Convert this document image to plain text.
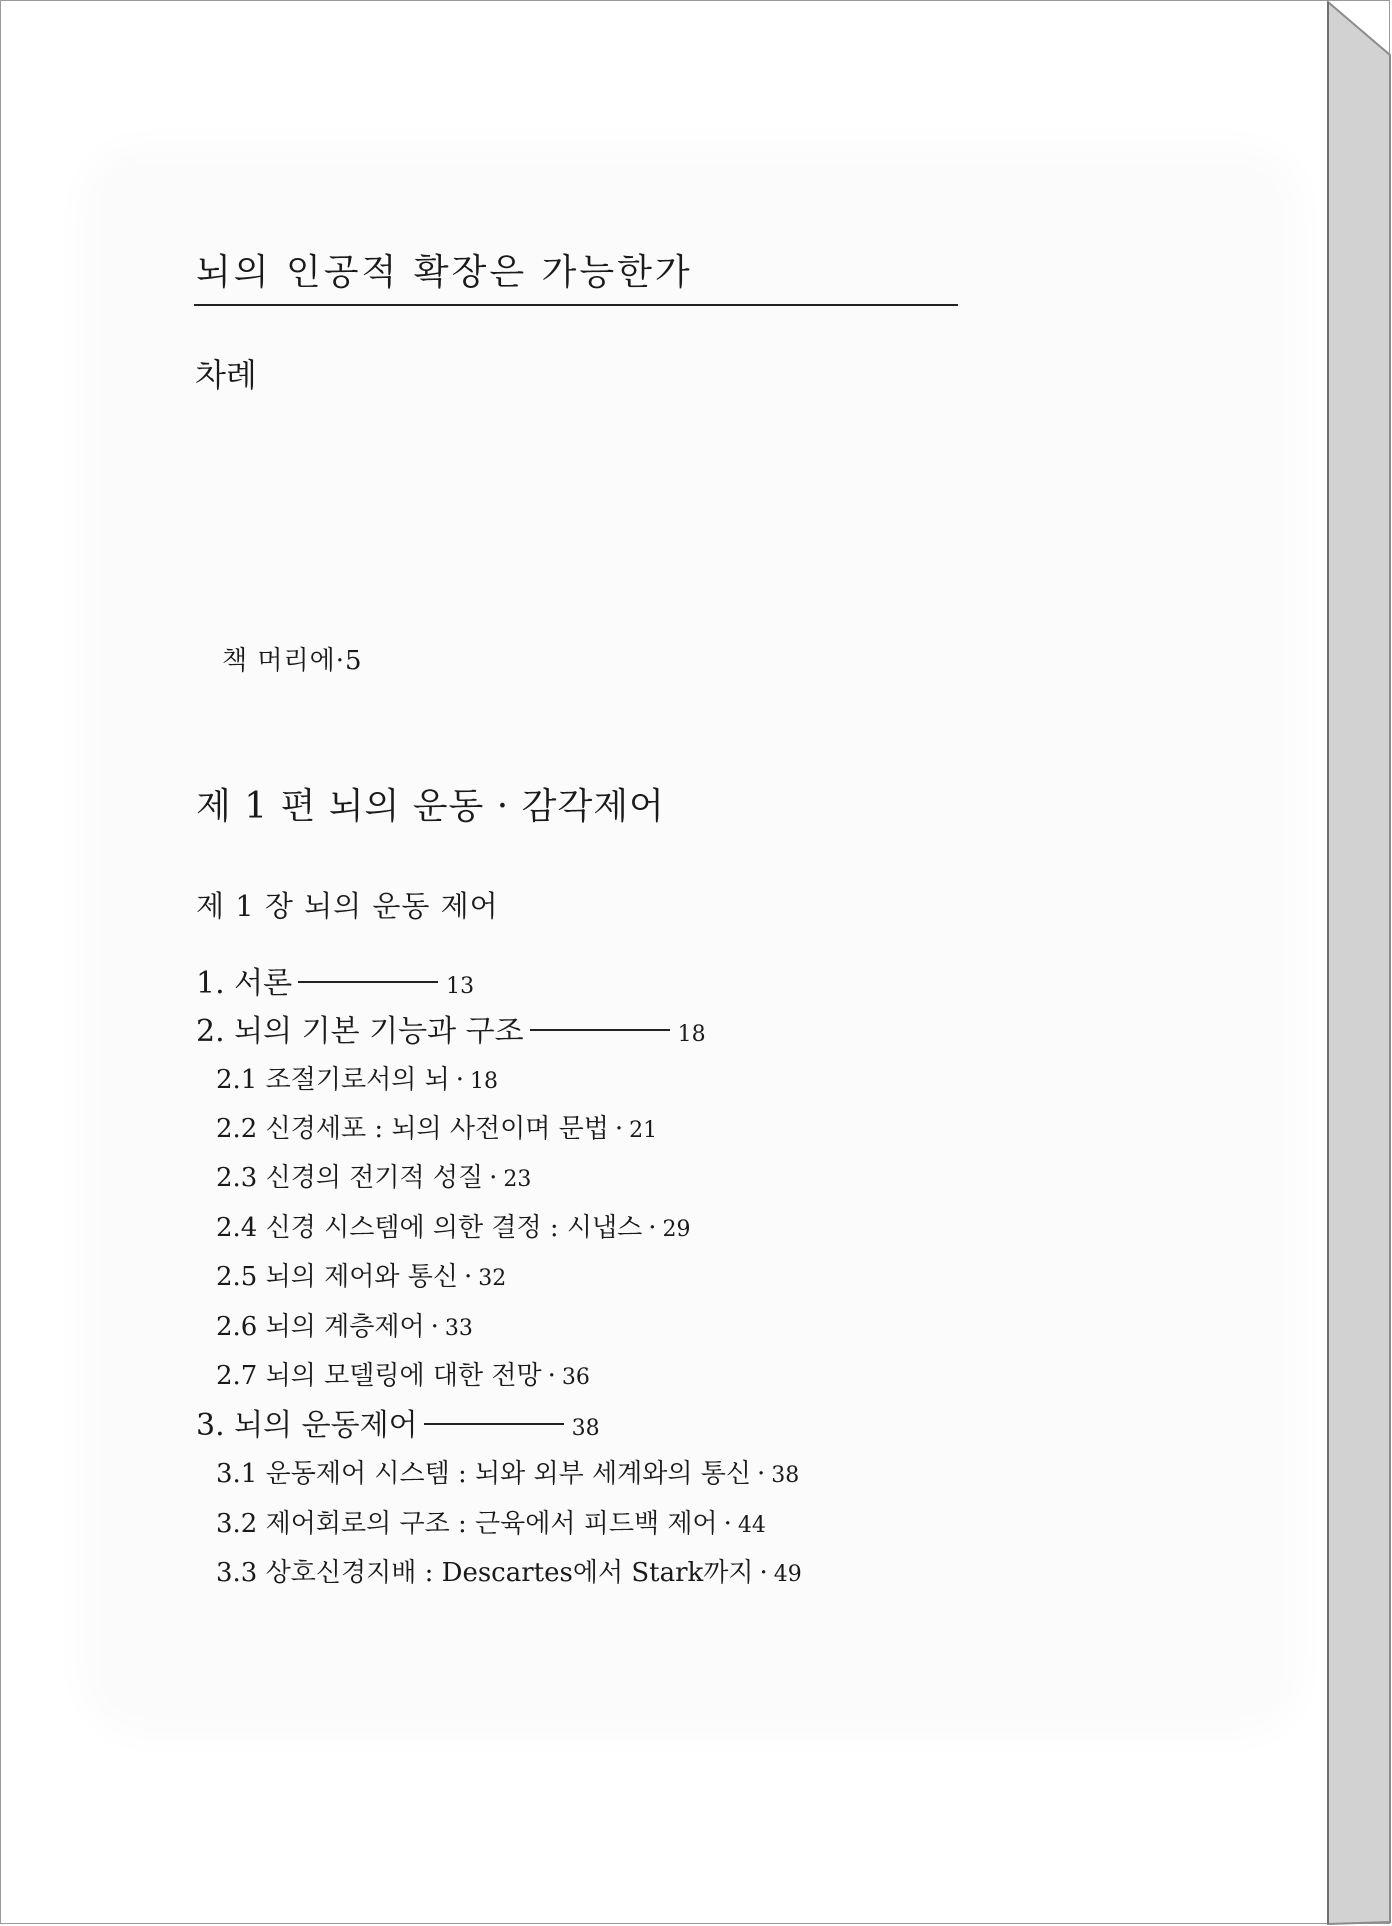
뇌의 인공적 확장은 가능한가
차례
책 머리에·5
제 1 편 뇌의 운동 · 감각제어
제 1 장 뇌의 운동 제어
1. 서론	13
2. 뇌의 기본 기능과 구조	18
2.1 조절기로서의 뇌 · 18
2.2 신경세포 : 뇌의 사전이며 문법 · 21
2.3 신경의 전기적 성질 · 23
2.4 신경 시스템에 의한 결정 : 시냅스 · 29
2.5 뇌의 제어와 통신 · 32
2.6 뇌의 계층제어 · 33
2.7 뇌의 모델링에 대한 전망 · 36
3. 뇌의 운동제어	38
3.1 운동제어 시스템 : 뇌와 외부 세계와의 통신 · 38
3.2 제어회로의 구조 : 근육에서 피드백 제어 · 44
3.3 상호신경지배 : Descartes에서 Stark까지 · 49
